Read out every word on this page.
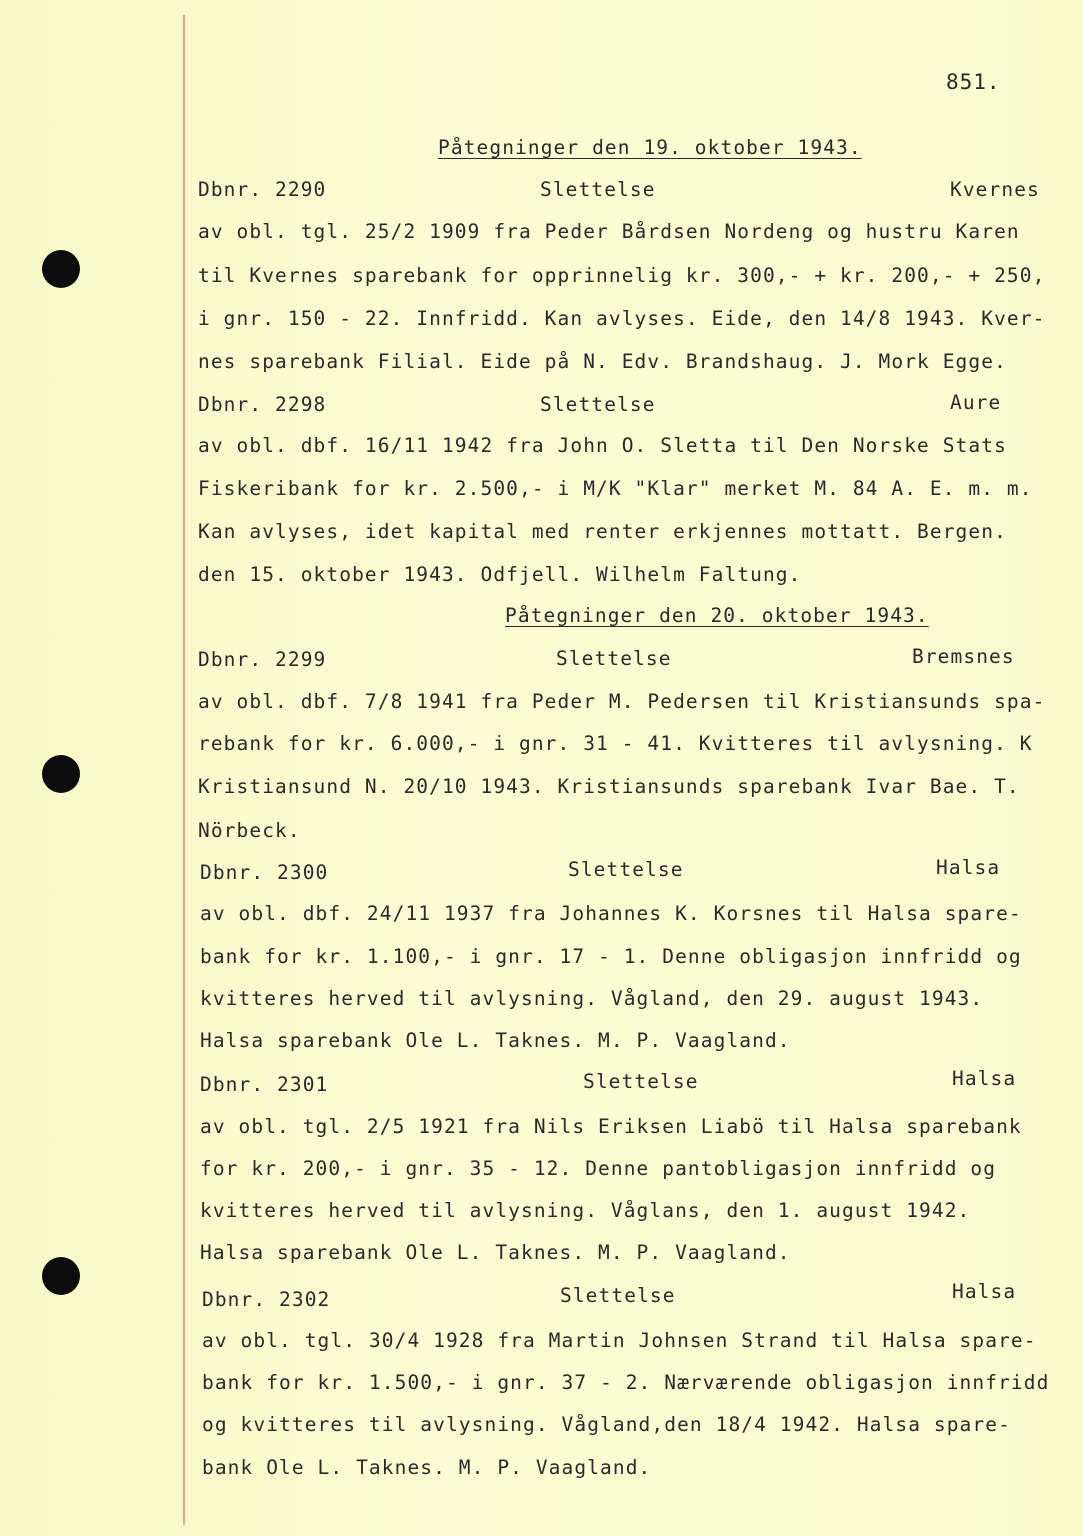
851.
Påtegninger den 19. oktober 1943.
Dbnr. 2290	Slettelse	Kvernes
av obl. tgl. 25/2 1909 fra Peder Bårdsen Nordeng og hustru Karen
til Kvernes sparebank for opprinnelig kr. 300,- + kr. 200,- + 250,
i gnr. 150 - 22. Innfridd. Kan avlyses. Eide, den 14/8 1943. Kver-
nes sparebank Filial. Eide på N. Edv. Brandshaug. J. Mork Egge.
Dbnr. 2298	Slettelse	Aure
av obl. dbf. 16/11 1942 fra John O. Sletta til Den Norske Stats
Fiskeribank for kr. 2.500,- i M/K "Klar" merket M. 84 A. E. m. m.
Kan avlyses, idet kapital med renter erkjennes mottatt. Bergen.
den 15. oktober 1943. Odfjell. Wilhelm Faltung.
Påtegninger den 20. oktober 1943.
Dbnr. 2299	Slettelse	Bremsnes
av obl. dbf. 7/8 1941 fra Peder M. Pedersen til Kristiansunds spa-
rebank for kr. 6.000,- i gnr. 31 - 41. Kvitteres til avlysning. K
Kristiansund N. 20/10 1943. Kristiansunds sparebank Ivar Bae. T.
Nörbeck.
Dbnr. 2300	Slettelse	Halsa
av obl. dbf. 24/11 1937 fra Johannes K. Korsnes til Halsa spare-
bank for kr. 1.100,- i gnr. 17 - 1. Denne obligasjon innfridd og
kvitteres herved til avlysning. Vågland, den 29. august 1943.
Halsa sparebank Ole L. Taknes. M. P. Vaagland.
Dbnr. 2301	Slettelse	Halsa
av obl. tgl. 2/5 1921 fra Nils Eriksen Liabö til Halsa sparebank
for kr. 200,- i gnr. 35 - 12. Denne pantobligasjon innfridd og
kvitteres herved til avlysning. Våglans, den 1. august 1942.
Halsa sparebank Ole L. Taknes. M. P. Vaagland.
Dbnr. 2302	Slettelse	Halsa
av obl. tgl. 30/4 1928 fra Martin Johnsen Strand til Halsa spare-
bank for kr. 1.500,- i gnr. 37 - 2. Nærværende obligasjon innfridd
og kvitteres til avlysning. Vågland,den 18/4 1942. Halsa spare-
bank Ole L. Taknes. M. P. Vaagland.
